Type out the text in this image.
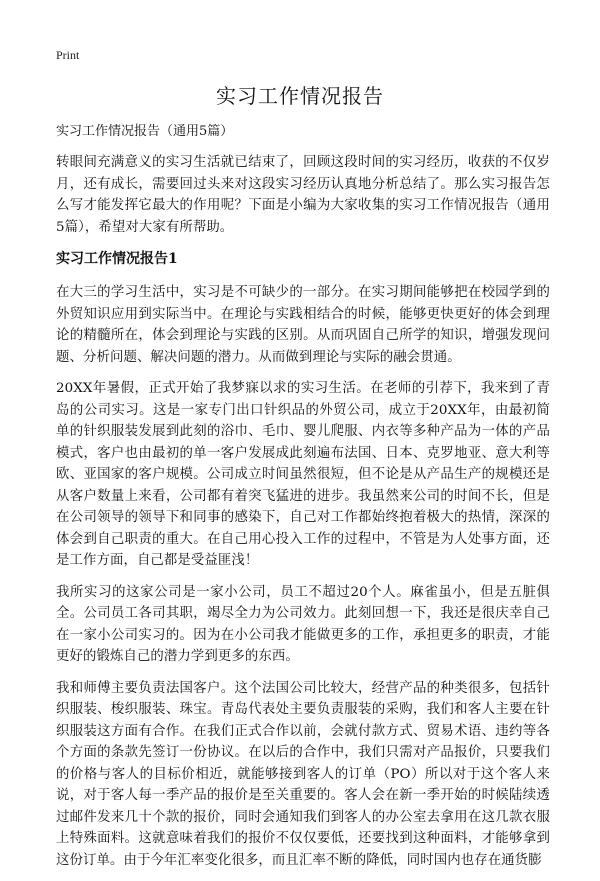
Print
实习工作情况报告
实习工作情况报告（通用5篇）

转眼间充满意义的实习生活就已结束了，回顾这段时间的实习经历，收获的不仅岁月，还有成长，需要回过头来对这段实习经历认真地分析总结了。那么实习报告怎么写才能发挥它最大的作用呢？下面是小编为大家收集的实习工作情况报告（通用5篇），希望对大家有所帮助。

实习工作情况报告1

在大三的学习生活中，实习是不可缺少的一部分。在实习期间能够把在校园学到的外贸知识应用到实际当中。在理论与实践相结合的时候，能够更快更好的体会到理论的精髓所在，体会到理论与实践的区别。从而巩固自己所学的知识，增强发现问题、分析问题、解决问题的潜力。从而做到理论与实际的融会贯通。

20XX年暑假，正式开始了我梦寐以求的实习生活。在老师的引荐下，我来到了青岛的公司实习。这是一家专门出口针织品的外贸公司，成立于20XX年，由最初简单的针织服装发展到此刻的浴巾、毛巾、婴儿爬服、内衣等多种产品为一体的产品模式，客户也由最初的单一客户发展成此刻遍布法国、日本、克罗地亚、意大利等欧、亚国家的客户规模。公司成立时间虽然很短，但不论是从产品生产的规模还是从客户数量上来看，公司都有着突飞猛进的进步。我虽然来公司的时间不长，但是在公司领导的领导下和同事的感染下，自己对工作都始终抱着极大的热情，深深的体会到自己职责的重大。在自己用心投入工作的过程中，不管是为人处事方面，还是工作方面，自己都是受益匪浅！

我所实习的这家公司是一家小公司，员工不超过20个人。麻雀虽小，但是五脏俱全。公司员工各司其职，竭尽全力为公司效力。此刻回想一下，我还是很庆幸自己在一家小公司实习的。因为在小公司我才能做更多的工作，承担更多的职责，才能更好的锻炼自己的潜力学到更多的东西。

我和师傅主要负责法国客户。这个法国公司比较大，经营产品的种类很多，包括针织服装、梭织服装、珠宝。青岛代表处主要负责服装的采购，我们和客人主要在针织服装这方面有合作。在我们正式合作以前，会就付款方式、贸易术语、违约等各个方面的条款先签订一份协议。在以后的合作中，我们只需对产品报价，只要我们的价格与客人的目标价相近，就能够接到客人的订单（PO）所以对于这个客人来说，对于客人每一季产品的报价是至关重要的。客人会在新一季开始的时候陆续透过邮件发来几十个款的报价，同时会通知我们到客人的办公室去拿用在这几款衣服上特殊面料。这就意味着我们的报价不仅仅要低，还要找到这种面料，才能够拿到这份订单。由于今年汇率变化很多，而且汇率不断的降低，同时国内也存在通货膨
